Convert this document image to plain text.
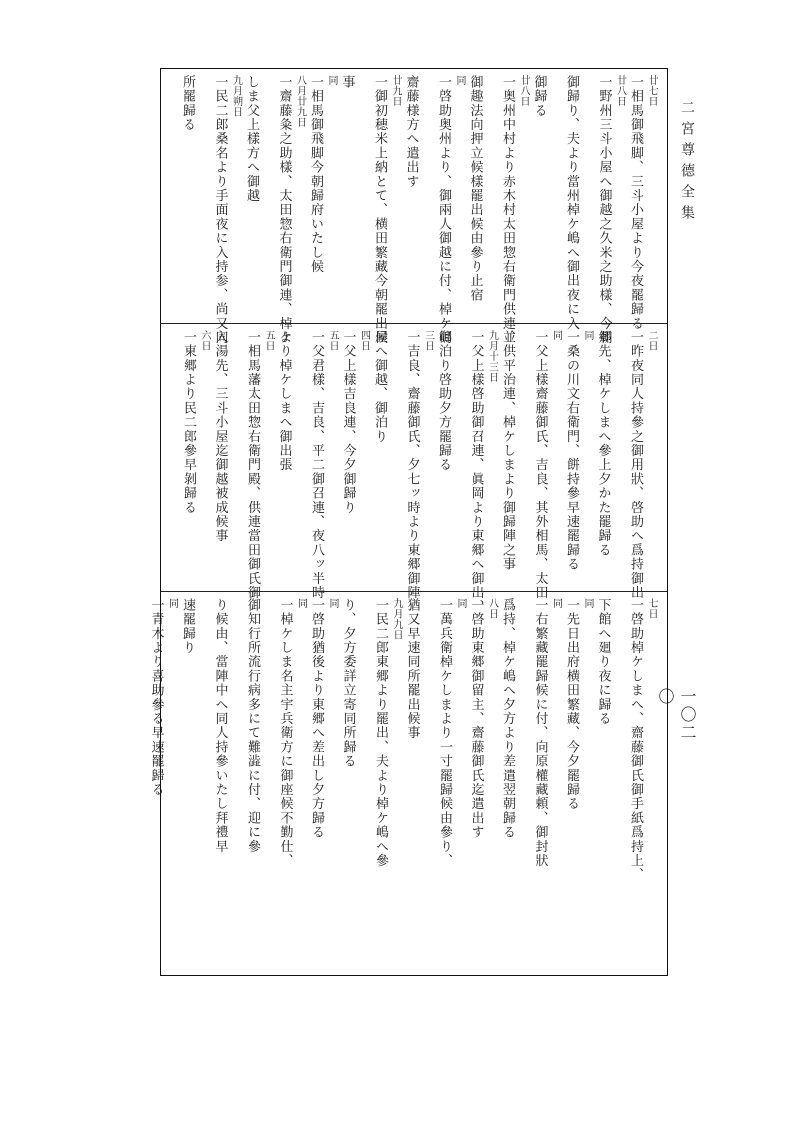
二宮尊德全集
廿七日
一相馬御飛脚、三斗小屋より今夜罷歸る
廿八日
一野州三斗小屋へ御越之久米之助樣、今朝
御歸り、夫より當州棹ケ嶋へ御出夜に入
御歸る
廿八日
一奥州中村より赤木村太田惣右衛門供連、
御趣法向押立候樣罷出候由參り止宿
同
一啓助奥州より、御兩人御越に付、棹ケ嶋
齋藤様方へ遣出す
廿九日
一御初穂米上納とて、横田繁藏今朝罷出候
事
同
一相馬御飛脚今朝歸府いたし候
八月廿九日
一齋藤粂之助樣、太田惣右衛門御連、棹ケ
しま父上樣方へ御越
九月朔日
一民二郎桑名より手面夜に入持参、尚又同
所罷歸る
二日
一昨夜同人持參之御用狀、啓助へ爲持御出
郷先、棹ケしまへ參上夕かた罷歸る
同
一桑の川文右衛門、餅持參早速罷歸る
同
一父上樣齋藤御氏、吉良、其外相馬、太田
並供平治連、棹ケしまより御歸陣之事
九月十三日
一父上樣啓助御召連、眞岡より東郷へ御出、
御泊り啓助夕方罷歸る
三日
一吉良、齋藤御氏、夕七ッ時より東郷御陣
屋へ御越、御泊り
四日
一父上樣吉良連、今夕御歸り
五日
一父君樣、吉良、平二御召連、夜八ッ半時
より棹ケしまへ御出張
五日
一相馬藩太田惣右衛門殿、供連當田御氏御
入湯先、三斗小屋迄御越被成候事
六日
一東郷より民二郎參早剝歸る
七日
一啓助棹ケしまへ、齋藤御氏御手紙爲持上、
下館へ廻り夜に歸る
同
一先日出府横田繁藏、今夕罷歸る
同
一右繁藏罷歸候に付、向原權藏頼、御封狀
爲持、棹ケ嶋へ夕方より差遣翌朝歸る
八日
一啓助東郷御留主、齋藤御氏迄遣出す
同
一萬兵衛棹ケしまより一寸罷歸候由參り、
猶又早速同所罷出候事
九月九日
一民二郎東郷より罷出、夫より棹ケ嶋へ參
り、夕方委詳立寄同所歸る
同
一啓助猶後より東郷へ差出し夕方歸る
同
一棹ケしま名主宇兵衛方に御座候不勤仕、
御知行所流行病多にて難澁に付、迎に參
り候由、當陣中へ同人持參いたし拜禮早
速罷歸り
同
一青木より喜助參る早速罷歸る	一〇二〇
